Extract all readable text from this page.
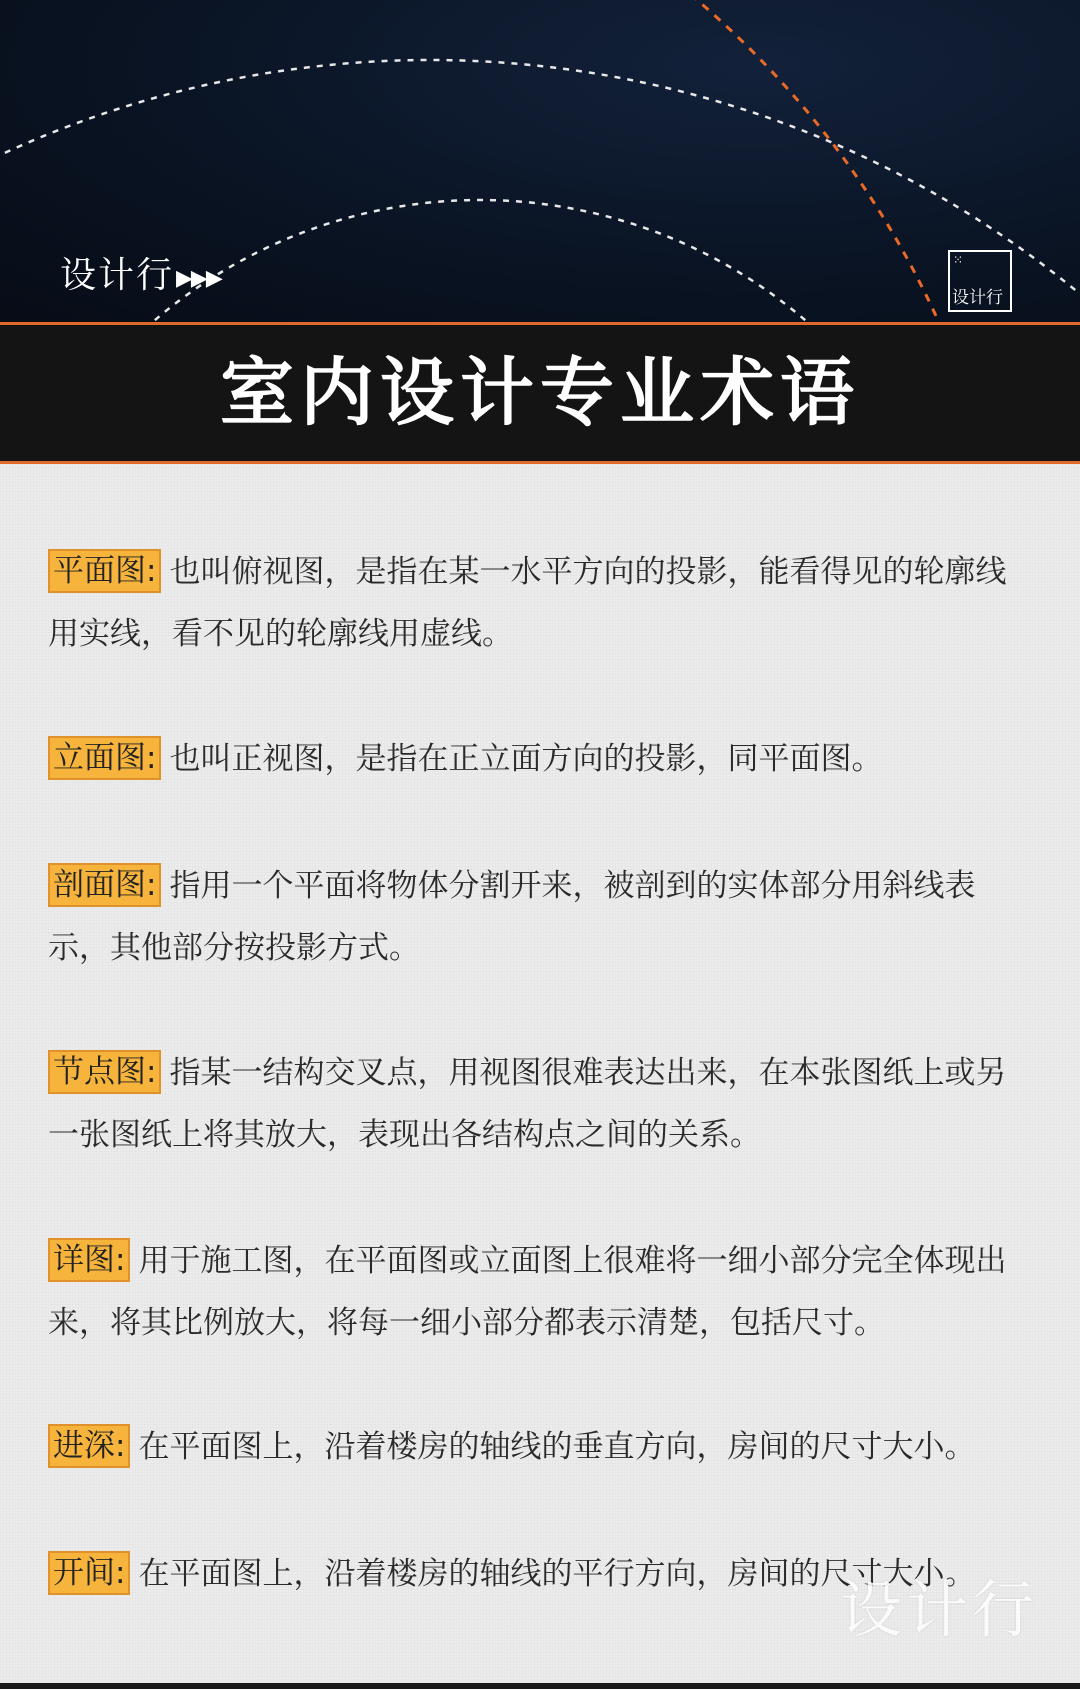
设计行 ▶▶▶
⁙
设计行
室内设计专业术语
平面图: 也叫俯视图，是指在某一水平方向的投影，能看得见的轮廓线用实线，看不见的轮廓线用虚线。
立面图: 也叫正视图，是指在正立面方向的投影，同平面图。
剖面图: 指用一个平面将物体分割开来，被剖到的实体部分用斜线表示，其他部分按投影方式。
节点图: 指某一结构交叉点，用视图很难表达出来，在本张图纸上或另一张图纸上将其放大，表现出各结构点之间的关系。
详图: 用于施工图，在平面图或立面图上很难将一细小部分完全体现出来，将其比例放大，将每一细小部分都表示清楚，包括尺寸。
进深: 在平面图上，沿着楼房的轴线的垂直方向，房间的尺寸大小。
开间: 在平面图上，沿着楼房的轴线的平行方向，房间的尺寸大小。
设计行
